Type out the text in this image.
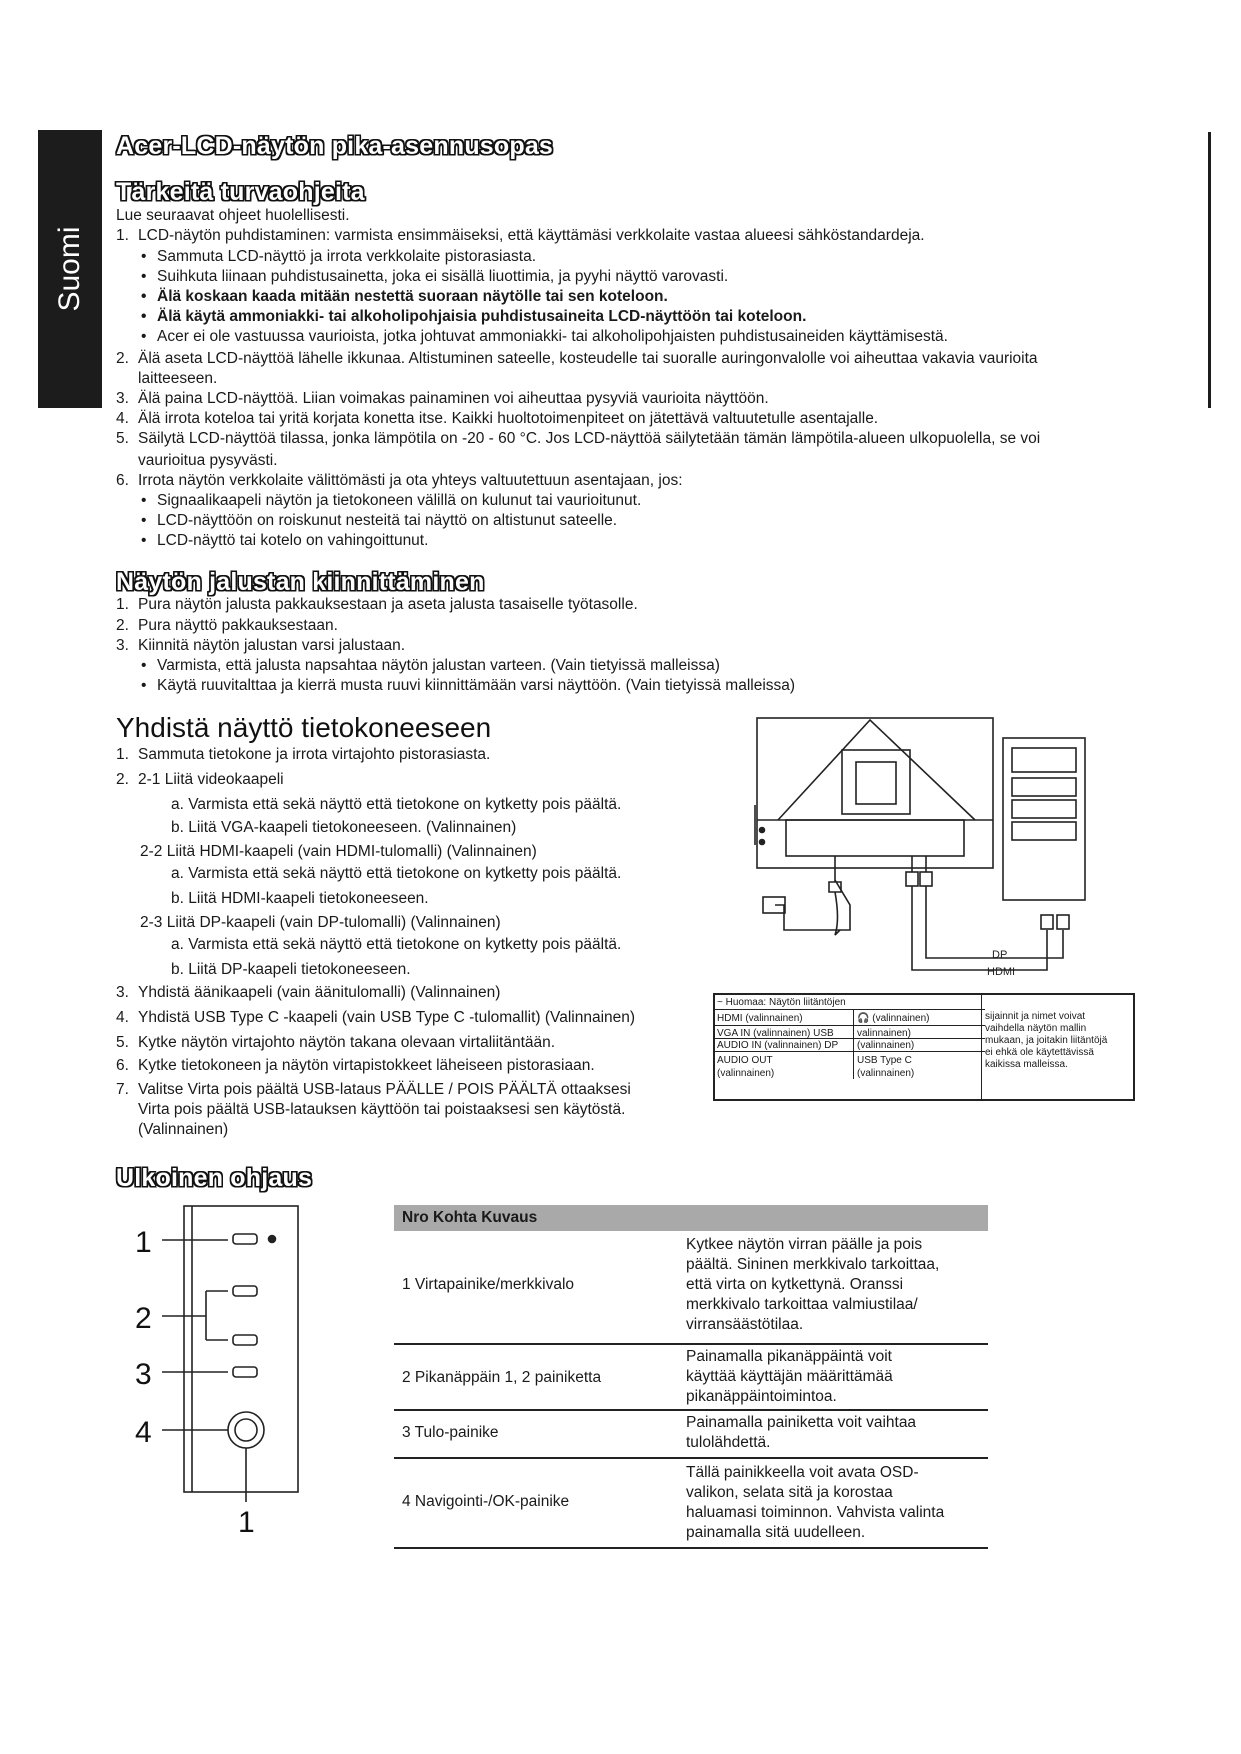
Suomi
Acer-LCD-näytön pika-asennusopas
Tärkeitä turvaohjeita
Lue seuraavat ohjeet huolellisesti.
1. LCD-näytön puhdistaminen: varmista ensimmäiseksi, että käyttämäsi verkkolaite vastaa alueesi sähköstandardeja.
• Sammuta LCD-näyttö ja irrota verkkolaite pistorasiasta.
• Suihkuta liinaan puhdistusainetta, joka ei sisällä liuottimia, ja pyyhi näyttö varovasti.
• Älä koskaan kaada mitään nestettä suoraan näytölle tai sen koteloon.
• Älä käytä ammoniakki- tai alkoholipohjaisia puhdistusaineita LCD-näyttöön tai koteloon.
• Acer ei ole vastuussa vaurioista, jotka johtuvat ammoniakki- tai alkoholipohjaisten puhdistusaineiden käyttämisestä.
2. Älä aseta LCD-näyttöä lähelle ikkunaa. Altistuminen sateelle, kosteudelle tai suoralle auringonvalolle voi aiheuttaa vakavia vaurioita
laitteeseen.
3. Älä paina LCD-näyttöä. Liian voimakas painaminen voi aiheuttaa pysyviä vaurioita näyttöön.
4. Älä irrota koteloa tai yritä korjata konetta itse. Kaikki huoltotoimenpiteet on jätettävä valtuutetulle asentajalle.
5. Säilytä LCD-näyttöä tilassa, jonka lämpötila on -20 - 60 °C. Jos LCD-näyttöä säilytetään tämän lämpötila-alueen ulkopuolella, se voi
vaurioitua pysyvästi.
6. Irrota näytön verkkolaite välittömästi ja ota yhteys valtuutettuun asentajaan, jos:
• Signaalikaapeli näytön ja tietokoneen välillä on kulunut tai vaurioitunut.
• LCD-näyttöön on roiskunut nesteitä tai näyttö on altistunut sateelle.
• LCD-näyttö tai kotelo on vahingoittunut.
Näytön jalustan kiinnittäminen
1. Pura näytön jalusta pakkauksestaan ja aseta jalusta tasaiselle työtasolle.
2. Pura näyttö pakkauksestaan.
3. Kiinnitä näytön jalustan varsi jalustaan.
• Varmista, että jalusta napsahtaa näytön jalustan varteen. (Vain tietyissä malleissa)
• Käytä ruuvitalttaa ja kierrä musta ruuvi kiinnittämään varsi näyttöön. (Vain tietyissä malleissa)
Yhdistä näyttö tietokoneeseen
1. Sammuta tietokone ja irrota virtajohto pistorasiasta.
2. 2-1 Liitä videokaapeli
a. Varmista että sekä näyttö että tietokone on kytketty pois päältä.
b. Liitä VGA-kaapeli tietokoneeseen. (Valinnainen)
2-2 Liitä HDMI-kaapeli (vain HDMI-tulomalli) (Valinnainen)
a. Varmista että sekä näyttö että tietokone on kytketty pois päältä.
b. Liitä HDMI-kaapeli tietokoneeseen.
2-3 Liitä DP-kaapeli (vain DP-tulomalli) (Valinnainen)
a. Varmista että sekä näyttö että tietokone on kytketty pois päältä.
b. Liitä DP-kaapeli tietokoneeseen.
3. Yhdistä äänikaapeli (vain äänitulomalli) (Valinnainen)
4. Yhdistä USB Type C -kaapeli (vain USB Type C -tulomallit) (Valinnainen)
5. Kytke näytön virtajohto näytön takana olevaan virtaliitäntään.
6. Kytke tietokoneen ja näytön virtapistokkeet läheiseen pistorasiaan.
7. Valitse Virta pois päältä USB-lataus PÄÄLLE / POIS PÄÄLTÄ ottaaksesi
Virta pois päältä USB-latauksen käyttöön tai poistaaksesi sen käytöstä.
(Valinnainen)
DP
HDMI
1
2
3
4
1
~ Huomaa: Näytön liitäntöjen
HDMI (valinnainen)	🎧 (valinnainen)
VGA IN (valinnainen) USB valinnainen)
AUDIO IN (valinnainen) DP (valinnainen)
AUDIO OUT
(valinnainen)
USB Type C
(valinnainen)
sijainnit ja nimet voivat
vaihdella näytön mallin
mukaan, ja joitakin liitäntöjä
ei ehkä ole käytettävissä
kaikissa malleissa.
Ulkoinen ohjaus
Nro Kohta Kuvaus
1 Virtapainike/merkkivalo
Kytkee näytön virran päälle ja pois
päältä. Sininen merkkivalo tarkoittaa,
että virta on kytkettynä. Oranssi
merkkivalo tarkoittaa valmiustilaa/
virransäästötilaa.
2 Pikanäppäin 1, 2 painiketta
Painamalla pikanäppäintä voit
käyttää käyttäjän määrittämää
pikanäppäintoimintoa.
3 Tulo-painike
Painamalla painiketta voit vaihtaa
tulolähdettä.
4 Navigointi-/OK-painike
Tällä painikkeella voit avata OSD-
valikon, selata sitä ja korostaa
haluamasi toiminnon. Vahvista valinta
painamalla sitä uudelleen.
